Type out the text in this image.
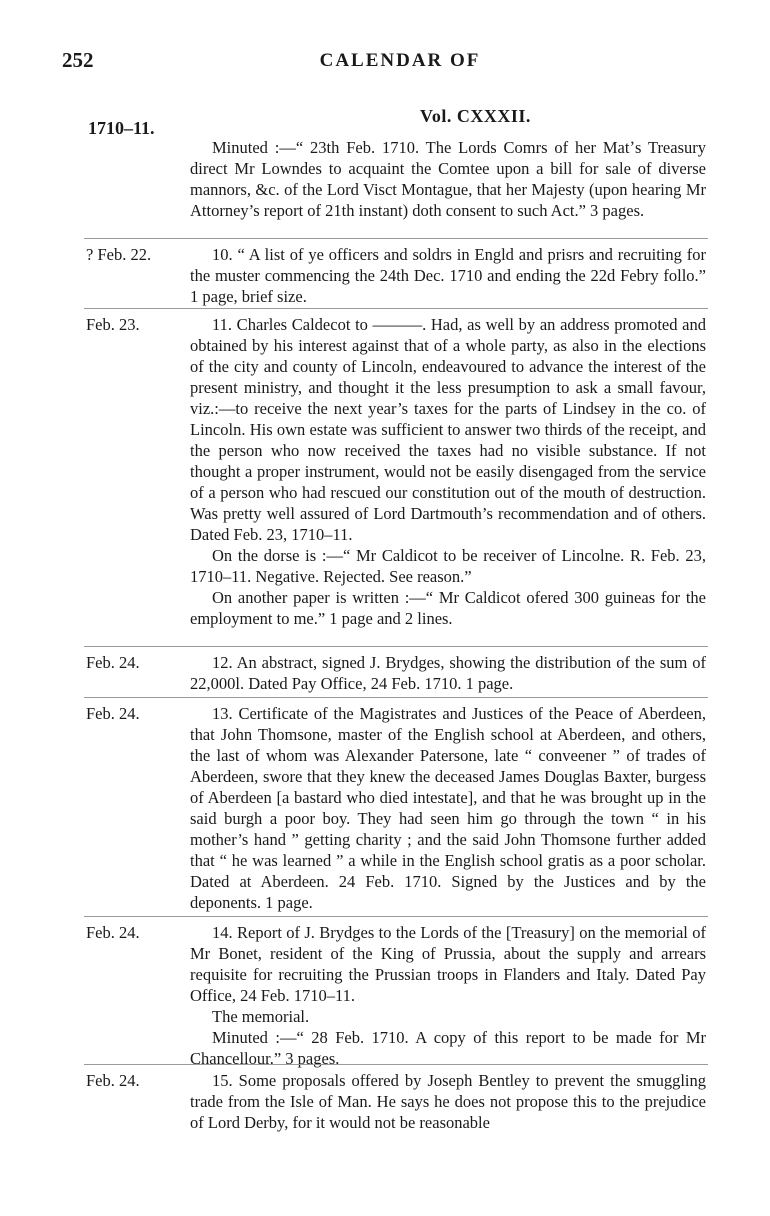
252	CALENDAR OF
1710–11.
Vol. CXXXII.

Minuted :—“ 23th Feb. 1710. The Lords Comrs of her Matʼs Treasury direct Mr Lowndes to acquaint the Comtee upon a bill for sale of diverse mannors, &c. of the Lord Visct Montague, that her Majesty (upon hearing Mr Attorney’s report of 21th instant) doth consent to such Act.” 3 pages.

? Feb. 22.	10. “ A list of ye officers and soldrs in Engld and prisrs and recruiting for the muster commencing the 24th Dec. 1710 and ending the 22d Febry follo.” 1 page, brief size.

Feb. 23.	11. Charles Caldecot to ———. Had, as well by an address promoted and obtained by his interest against that of a whole party, as also in the elections of the city and county of Lincoln, endeavoured to advance the interest of the present ministry, and thought it the less presumption to ask a small favour, viz.:—to receive the next year’s taxes for the parts of Lindsey in the co. of Lincoln. His own estate was sufficient to answer two thirds of the receipt, and the person who now received the taxes had no visible substance. If not thought a proper instrument, would not be easily disengaged from the service of a person who had rescued our constitution out of the mouth of destruction. Was pretty well assured of Lord Dartmouth’s recommendation and of others. Dated Feb. 23, 1710–11.

On the dorse is :—“ Mr Caldicot to be receiver of Lincolne. R. Feb. 23, 1710–11. Negative. Rejected. See reason.”

On another paper is written :—“ Mr Caldicot ofered 300 guineas for the employment to me.” 1 page and 2 lines.

Feb. 24.	12. An abstract, signed J. Brydges, showing the distribution of the sum of 22,000l. Dated Pay Office, 24 Feb. 1710. 1 page.

Feb. 24.	13. Certificate of the Magistrates and Justices of the Peace of Aberdeen, that John Thomsone, master of the English school at Aberdeen, and others, the last of whom was Alexander Patersone, late “ conveener ” of trades of Aberdeen, swore that they knew the deceased James Douglas Baxter, burgess of Aberdeen [a bastard who died intestate], and that he was brought up in the said burgh a poor boy. They had seen him go through the town “ in his mother’s hand ” getting charity ; and the said John Thomsone further added that “ he was learned ” a while in the English school gratis as a poor scholar. Dated at Aberdeen. 24 Feb. 1710. Signed by the Justices and by the deponents. 1 page.

Feb. 24.	14. Report of J. Brydges to the Lords of the [Treasury] on the memorial of Mr Bonet, resident of the King of Prussia, about the supply and arrears requisite for recruiting the Prussian troops in Flanders and Italy. Dated Pay Office, 24 Feb. 1710–11.

The memorial.

Minuted :—“ 28 Feb. 1710. A copy of this report to be made for Mr Chancellour.” 3 pages.

Feb. 24.	15. Some proposals offered by Joseph Bentley to prevent the smuggling trade from the Isle of Man. He says he does not propose this to the prejudice of Lord Derby, for it would not be reasonable
